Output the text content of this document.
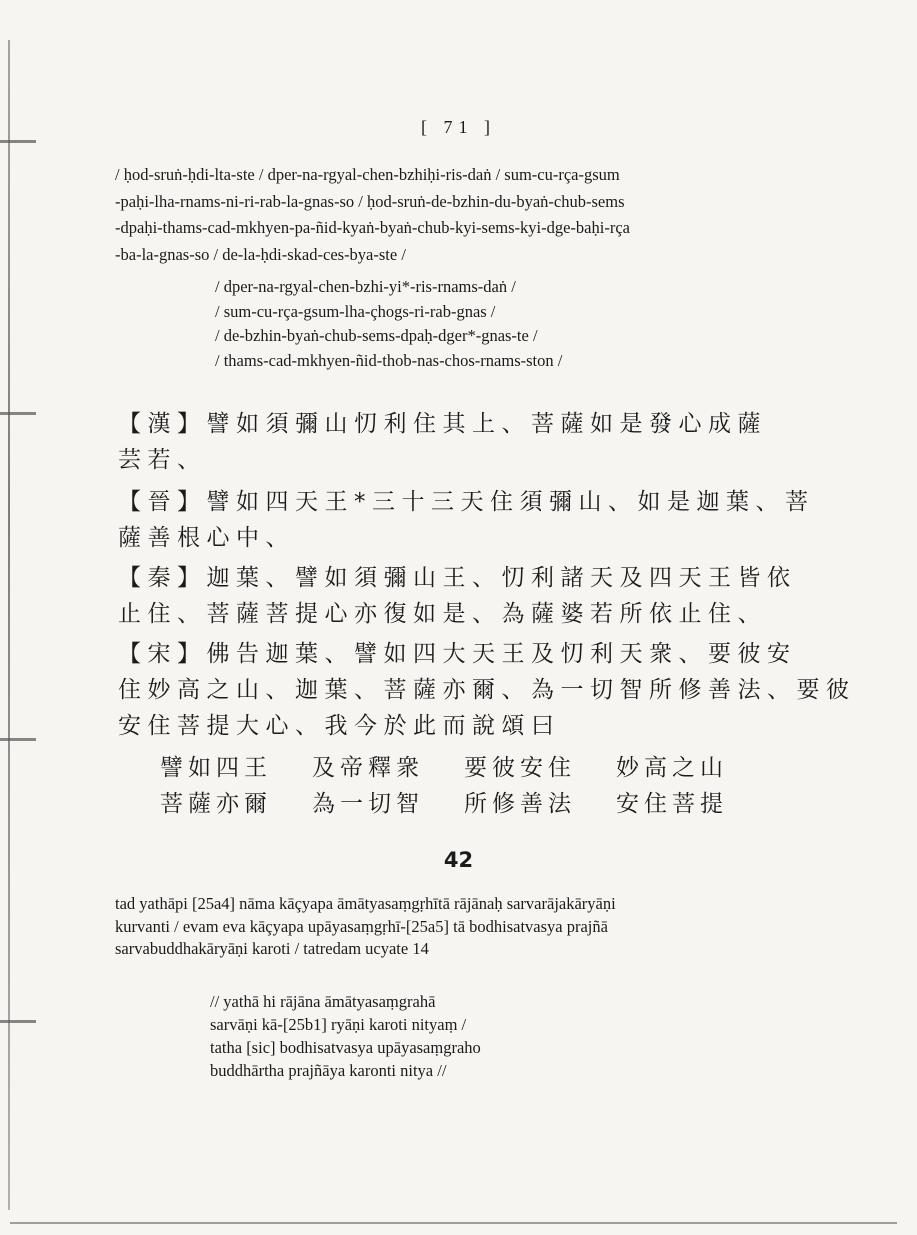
[ 71 ]
/ ḥod-sruṅ-ḥdi-lta-ste / dper-na-rgyal-chen-bzhiḥi-ris-daṅ / sum-cu-rça-gsum
-paḥi-lha-rnams-ni-ri-rab-la-gnas-so / ḥod-sruṅ-de-bzhin-du-byaṅ-chub-sems
-dpaḥi-thams-cad-mkhyen-pa-ñid-kyaṅ-byaṅ-chub-kyi-sems-kyi-dge-baḥi-rça
-ba-la-gnas-so / de-la-ḥdi-skad-ces-bya-ste /
/ dper-na-rgyal-chen-bzhi-yi*-ris-rnams-daṅ /
/ sum-cu-rça-gsum-lha-çhogs-ri-rab-gnas /
/ de-bzhin-byaṅ-chub-sems-dpaḥ-dger*-gnas-te /
/ thams-cad-mkhyen-ñid-thob-nas-chos-rnams-ston /
【漢】譬如須彌山忉利住其上、菩薩如是發心成薩
芸若、
【晉】譬如四天王*三十三天住須彌山、如是迦葉、菩
薩善根心中、
【秦】迦葉、譬如須彌山王、忉利諸天及四天王皆依
止住、菩薩菩提心亦復如是、為薩婆若所依止住、
【宋】佛告迦葉、譬如四大天王及忉利天衆、要彼安
住妙高之山、迦葉、菩薩亦爾、為一切智所修善法、要彼
安住菩提大心、我今於此而說頌曰
譬如四王	及帝釋衆	要彼安住	妙高之山
菩薩亦爾	為一切智	所修善法	安住菩提
42
tad yathāpi [25a4] nāma kāçyapa āmātyasaṃgṛhītā rājānaḥ sarvarājakāryāṇi
kurvanti / evam eva kāçyapa upāyasaṃgṛhī-[25a5] tā bodhisatvasya prajñā
sarvabuddhakāryāṇi karoti / tatredam ucyate 14
// yathā hi rājāna āmātyasaṃgrahā
sarvāṇi kā-[25b1] ryāṇi karoti nityaṃ /
tatha [sic] bodhisatvasya upāyasaṃgraho
buddhārtha prajñāya karonti nitya //
